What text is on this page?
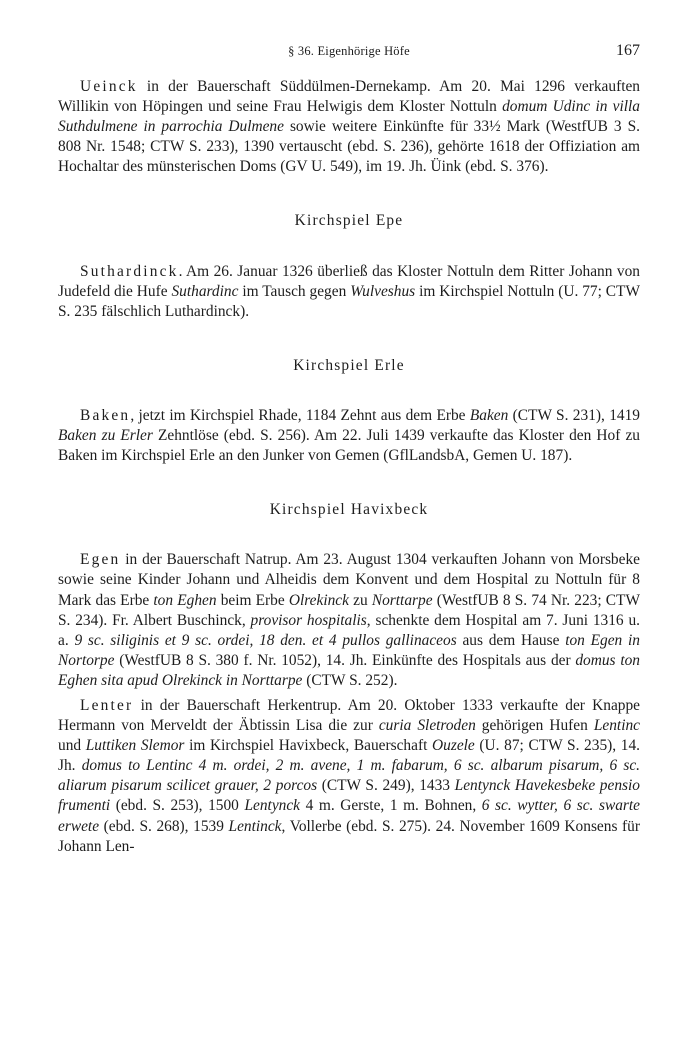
§ 36. Eigenhörige Höfe	167

Ueinck in der Bauerschaft Süddülmen-Dernekamp. Am 20. Mai 1296 verkauften Willikin von Höpingen und seine Frau Helwigis dem Kloster Nottuln domum Udinc in villa Suthdulmene in parrochia Dulmene sowie weitere Einkünfte für 33½ Mark (WestfUB 3 S. 808 Nr. 1548; CTW S. 233), 1390 vertauscht (ebd. S. 236), gehörte 1618 der Offiziation am Hochaltar des münsterischen Doms (GV U. 549), im 19. Jh. Üink (ebd. S. 376).

Kirchspiel Epe

Suthardinck. Am 26. Januar 1326 überließ das Kloster Nottuln dem Ritter Johann von Judefeld die Hufe Suthardinc im Tausch gegen Wulveshus im Kirchspiel Nottuln (U. 77; CTW S. 235 fälschlich Luthardinck).

Kirchspiel Erle

Baken, jetzt im Kirchspiel Rhade, 1184 Zehnt aus dem Erbe Baken (CTW S. 231), 1419 Baken zu Erler Zehntlöse (ebd. S. 256). Am 22. Juli 1439 verkaufte das Kloster den Hof zu Baken im Kirchspiel Erle an den Junker von Gemen (GflLandsbA, Gemen U. 187).

Kirchspiel Havixbeck

Egen in der Bauerschaft Natrup. Am 23. August 1304 verkauften Johann von Morsbeke sowie seine Kinder Johann und Alheidis dem Konvent und dem Hospital zu Nottuln für 8 Mark das Erbe ton Eghen beim Erbe Olrekinck zu Norttarpe (WestfUB 8 S. 74 Nr. 223; CTW S. 234). Fr. Albert Buschinck, provisor hospitalis, schenkte dem Hospital am 7. Juni 1316 u. a. 9 sc. siliginis et 9 sc. ordei, 18 den. et 4 pullos gallinaceos aus dem Hause ton Egen in Nortorpe (WestfUB 8 S. 380 f. Nr. 1052), 14. Jh. Einkünfte des Hospitals aus der domus ton Eghen sita apud Olrekinck in Norttarpe (CTW S. 252).

Lenter in der Bauerschaft Herkentrup. Am 20. Oktober 1333 verkaufte der Knappe Hermann von Merveldt der Äbtissin Lisa die zur curia Sletroden gehörigen Hufen Lentinc und Luttiken Slemor im Kirchspiel Havixbeck, Bauerschaft Ouzele (U. 87; CTW S. 235), 14. Jh. domus to Lentinc 4 m. ordei, 2 m. avene, 1 m. fabarum, 6 sc. albarum pisarum, 6 sc. aliarum pisarum scilicet grauer, 2 porcos (CTW S. 249), 1433 Lentynck Havekesbeke pensio frumenti (ebd. S. 253), 1500 Lentynck 4 m. Gerste, 1 m. Bohnen, 6 sc. wytter, 6 sc. swarte erwete (ebd. S. 268), 1539 Lentinck, Vollerbe (ebd. S. 275). 24. November 1609 Konsens für Johann Len-
